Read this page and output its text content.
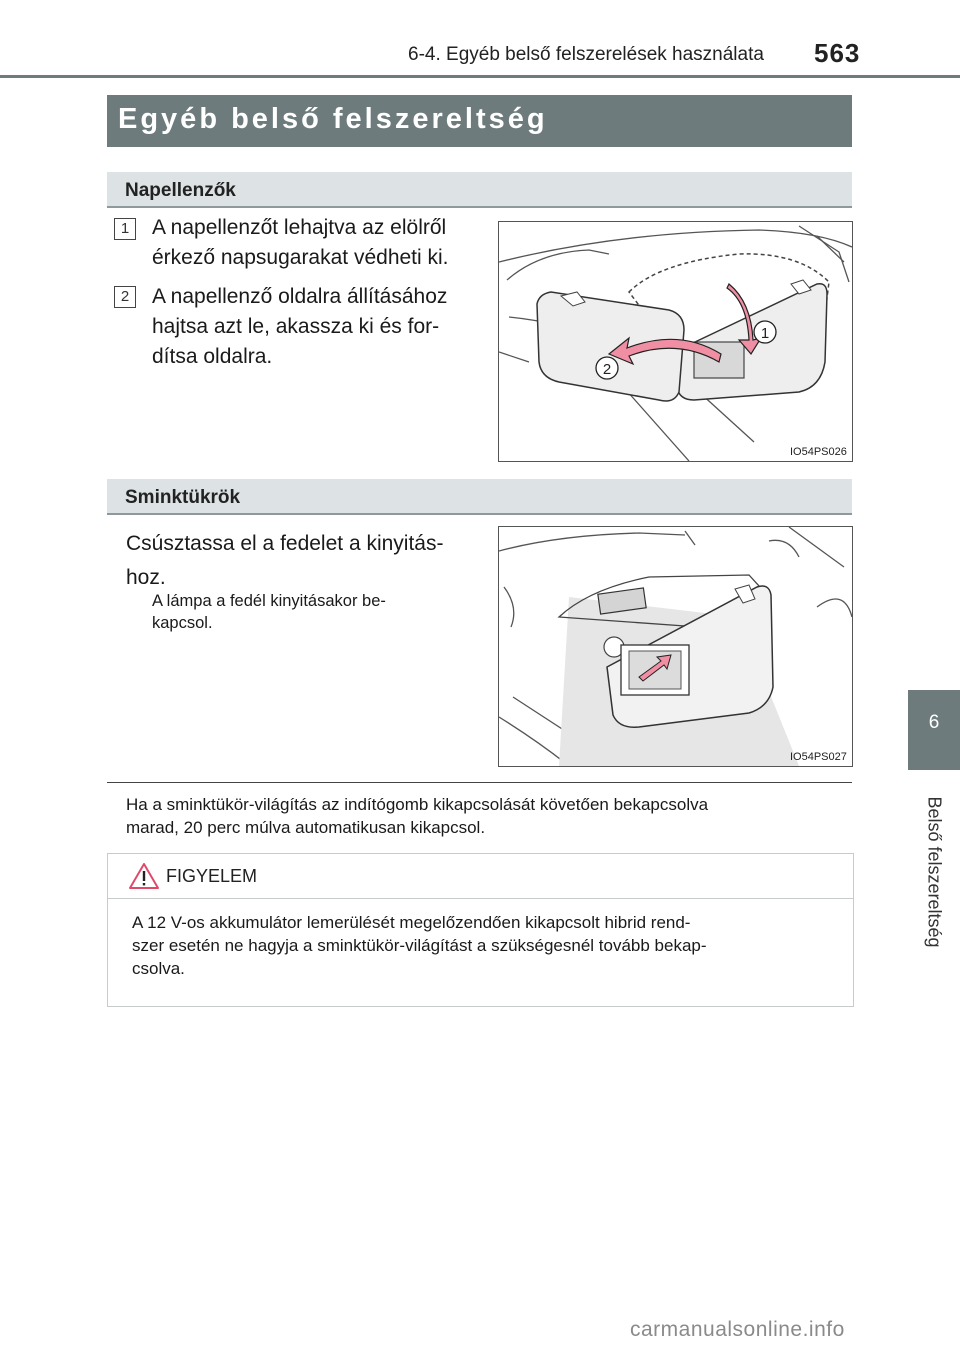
6-4. Egyéb belső felszerelések használata 563
6
Belső felszereltség
Egyéb belső felszereltség
Napellenzők
1	A napellenzőt lehajtva az elölről
érkező napsugarakat védheti ki.
2	A napellenző oldalra állításához
hajtsa azt le, akassza ki és for-
dítsa oldalra.
1
2
IO54PS026
Sminktükrök
Csúsztassa el a fedelet a kinyitás-
hoz.
A lámpa a fedél kinyitásakor be-
kapcsol.
IO54PS027
Ha a sminktükör-világítás az indítógomb kikapcsolását követően bekapcsolva
marad, 20 perc múlva automatikusan kikapcsol.
FIGYELEM
A 12 V-os akkumulátor lemerülését megelőzendően kikapcsolt hibrid rend-
szer esetén ne hagyja a sminktükör-világítást a szükségesnél tovább bekap-
csolva.
carmanualsonline.info
